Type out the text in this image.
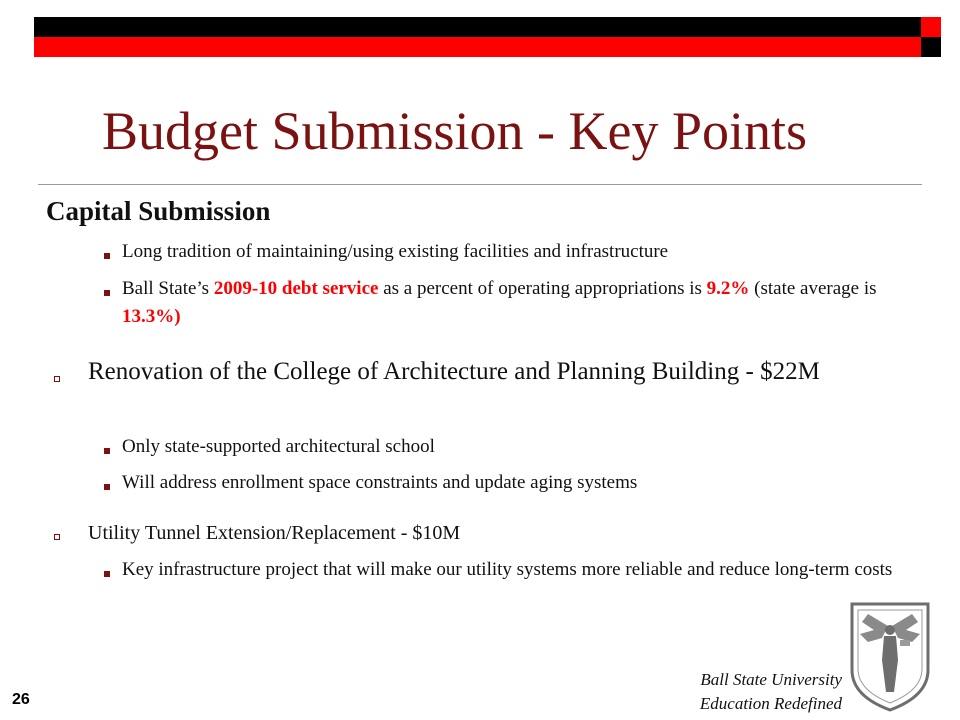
Budget Submission - Key Points
Capital Submission
Long tradition of maintaining/using existing facilities and infrastructure
Ball State’s 2009-10 debt service as a percent of operating appropriations is 9.2% (state average is 13.3%)
Renovation of the College of Architecture and Planning Building - $22M
Only state-supported architectural school
Will address enrollment space constraints and update aging systems
Utility Tunnel Extension/Replacement - $10M
Key infrastructure project that will make our utility systems more reliable and reduce long-term costs
26
Ball State University
Education Redefined
